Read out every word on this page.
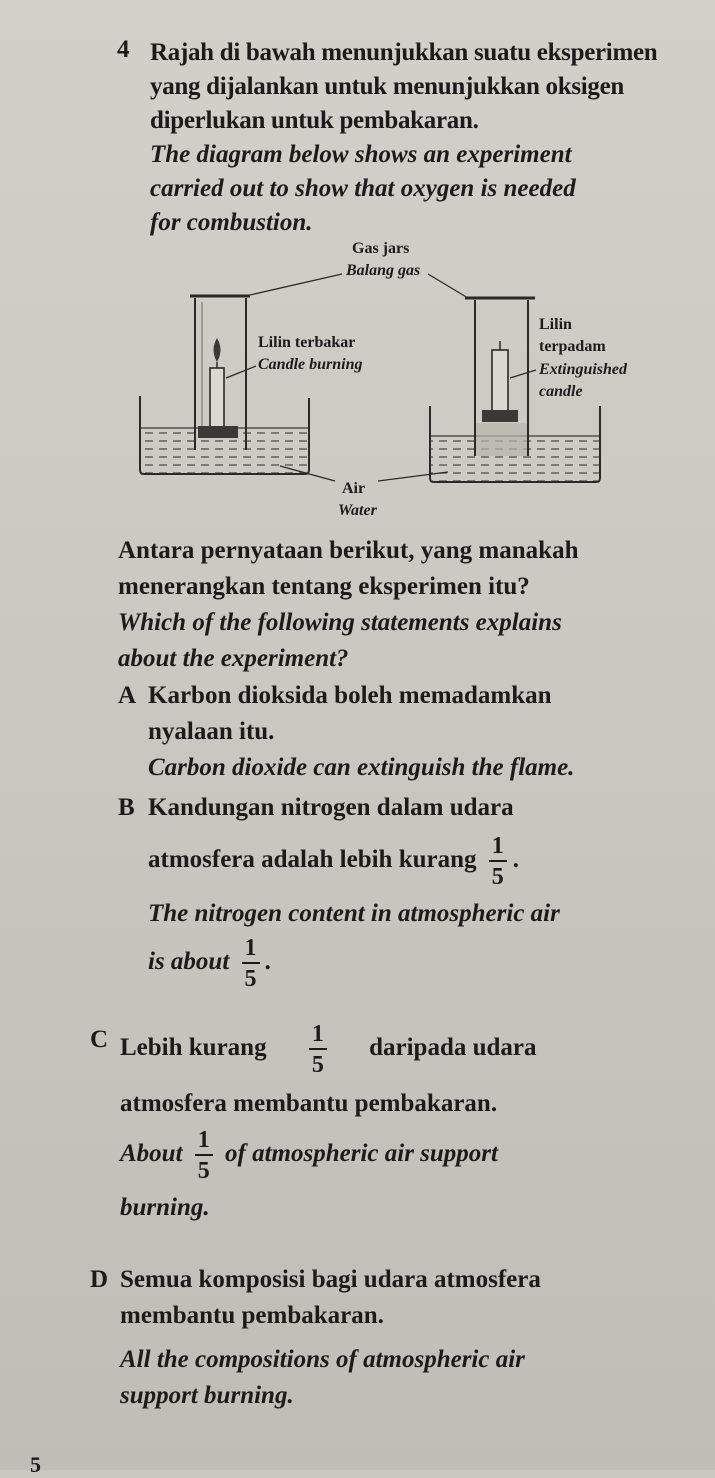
4 Rajah di bawah menunjukkan suatu eksperimen
yang dijalankan untuk menunjukkan oksigen
diperlukan untuk pembakaran.
The diagram below shows an experiment
carried out to show that oxygen is needed
for combustion.
Gas jars
Balang gas
Lilin terbakar
Candle burning
Lilin
terpadam
Extinguished
candle
Air
Water
Antara pernyataan berikut, yang manakah
menerangkan tentang eksperimen itu?
Which of the following statements explains
about the experiment?
A Karbon dioksida boleh memadamkan
nyalaan itu.
Carbon dioxide can extinguish the flame.
B Kandungan nitrogen dalam udara
atmosfera adalah lebih kurang $\frac{1}{5}$ .
The nitrogen content in atmospheric air
is about $\frac{1}{5}$ .
C Lebih kurang $\frac{1}{5}$ daripada udara
atmosfera membantu pembakaran.
About $\frac{1}{5}$ of atmospheric air support
burning.
D Semua komposisi bagi udara atmosfera
membantu pembakaran.
All the compositions of atmospheric air
support burning.
5
